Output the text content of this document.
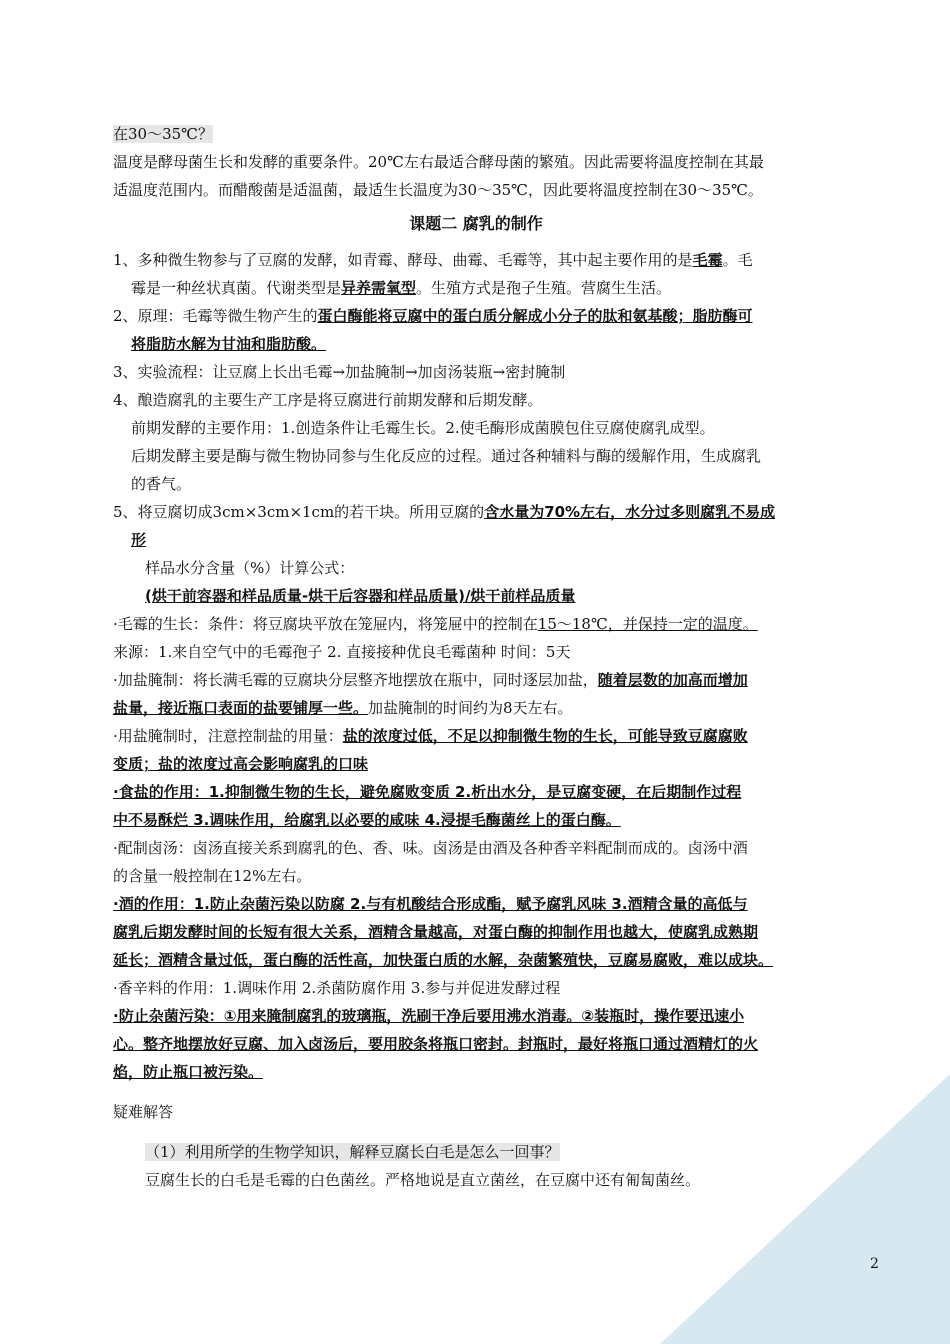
在30～35℃？
温度是酵母菌生长和发酵的重要条件。20℃左右最适合酵母菌的繁殖。因此需要将温度控制在其最
适温度范围内。而醋酸菌是适温菌，最适生长温度为30～35℃，因此要将温度控制在30～35℃。
课题二 腐乳的制作
1、多种微生物参与了豆腐的发酵，如青霉、酵母、曲霉、毛霉等，其中起主要作用的是毛霉。毛
霉是一种丝状真菌。代谢类型是异养需氧型。生殖方式是孢子生殖。营腐生生活。
2、原理：毛霉等微生物产生的蛋白酶能将豆腐中的蛋白质分解成小分子的肽和氨基酸；脂肪酶可
将脂肪水解为甘油和脂肪酸。
3、实验流程：让豆腐上长出毛霉→加盐腌制→加卤汤装瓶→密封腌制
4、酿造腐乳的主要生产工序是将豆腐进行前期发酵和后期发酵。
前期发酵的主要作用：1.创造条件让毛霉生长。2.使毛酶形成菌膜包住豆腐使腐乳成型。
后期发酵主要是酶与微生物协同参与生化反应的过程。通过各种辅料与酶的缓解作用，生成腐乳
的香气。
5、将豆腐切成3cm×3cm×1cm的若干块。所用豆腐的含水量为70%左右，水分过多则腐乳不易成
形
样品水分含量（%）计算公式：
(烘干前容器和样品质量-烘干后容器和样品质量)/烘干前样品质量
·毛霉的生长：条件：将豆腐块平放在笼屉内，将笼屉中的控制在15～18℃，并保持一定的温度。
来源：1.来自空气中的毛霉孢子 2. 直接接种优良毛霉菌种 时间：5天
·加盐腌制：将长满毛霉的豆腐块分层整齐地摆放在瓶中，同时逐层加盐，随着层数的加高而增加
盐量，接近瓶口表面的盐要铺厚一些。加盐腌制的时间约为8天左右。
·用盐腌制时，注意控制盐的用量：盐的浓度过低，不足以抑制微生物的生长，可能导致豆腐腐败
变质；盐的浓度过高会影响腐乳的口味
·食盐的作用：1.抑制微生物的生长，避免腐败变质 2.析出水分，是豆腐变硬，在后期制作过程
中不易酥烂 3.调味作用，给腐乳以必要的咸味 4.浸提毛酶菌丝上的蛋白酶。
·配制卤汤：卤汤直接关系到腐乳的色、香、味。卤汤是由酒及各种香辛料配制而成的。卤汤中酒
的含量一般控制在12%左右。
·酒的作用：1.防止杂菌污染以防腐 2.与有机酸结合形成酯，赋予腐乳风味 3.酒精含量的高低与
腐乳后期发酵时间的长短有很大关系，酒精含量越高，对蛋白酶的抑制作用也越大，使腐乳成熟期
延长；酒精含量过低，蛋白酶的活性高，加快蛋白质的水解，杂菌繁殖快，豆腐易腐败，难以成块。
·香辛料的作用：1.调味作用 2.杀菌防腐作用 3.参与并促进发酵过程
·防止杂菌污染：①用来腌制腐乳的玻璃瓶，洗刷干净后要用沸水消毒。②装瓶时，操作要迅速小
心。整齐地摆放好豆腐、加入卤汤后，要用胶条将瓶口密封。封瓶时，最好将瓶口通过酒精灯的火
焰，防止瓶口被污染。
疑难解答
（1）利用所学的生物学知识，解释豆腐长白毛是怎么一回事？
豆腐生长的白毛是毛霉的白色菌丝。严格地说是直立菌丝，在豆腐中还有匍匐菌丝。
2
